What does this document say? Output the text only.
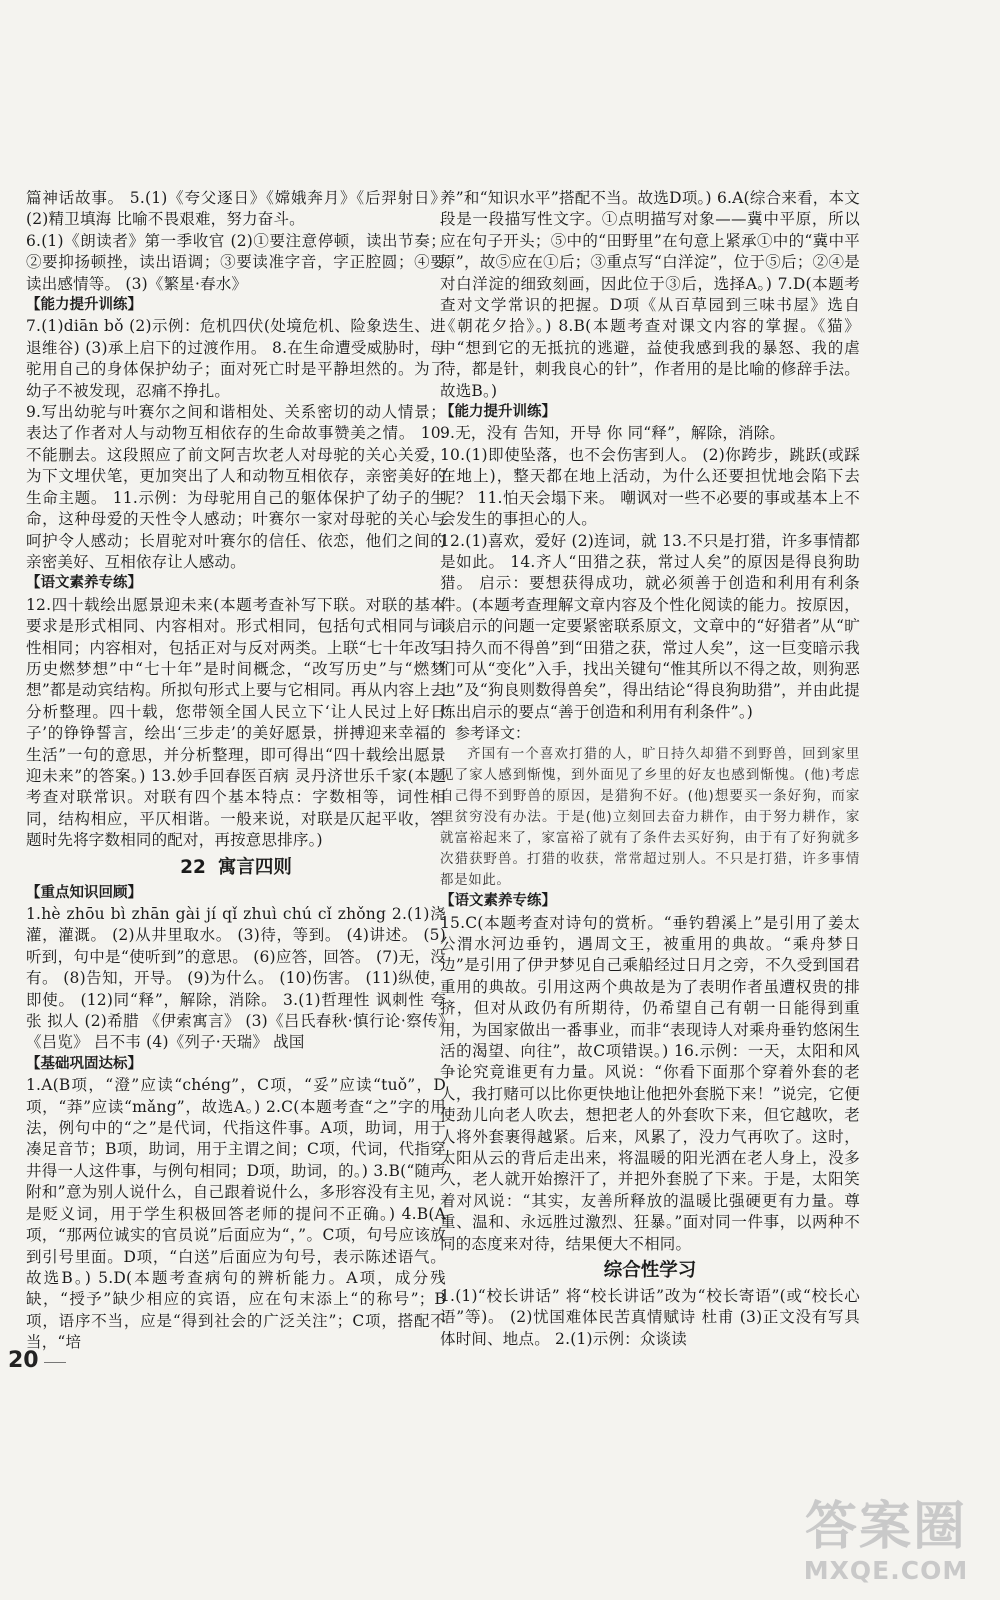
篇神话故事。 5.(1)《夸父逐日》《嫦娥奔月》《后羿射日》 (2)精卫填海 比喻不畏艰难，努力奋斗。

6.(1)《朗读者》第一季收官 (2)①要注意停顿，读出节奏；②要抑扬顿挫，读出语调；③要读准字音，字正腔圆；④要读出感情等。 (3)《繁星·春水》

【能力提升训练】

7.(1)diān bǒ (2)示例：危机四伏(处境危机、险象迭生、进退维谷) (3)承上启下的过渡作用。 8.在生命遭受威胁时，母驼用自己的身体保护幼子；面对死亡时是平静坦然的。为了幼子不被发现，忍痛不挣扎。

9.写出幼驼与叶赛尔之间和谐相处、关系密切的动人情景；表达了作者对人与动物互相依存的生命故事赞美之情。 10.不能删去。这段照应了前文阿吉坎老人对母驼的关心关爱，为下文埋伏笔，更加突出了人和动物互相依存，亲密美好的生命主题。 11.示例：为母驼用自己的躯体保护了幼子的生命，这种母爱的天性令人感动；叶赛尔一家对母驼的关心与呵护令人感动；长眉驼对叶赛尔的信任、依恋，他们之间的亲密美好、互相依存让人感动。

【语文素养专练】

12.四十载绘出愿景迎未来(本题考查补写下联。对联的基本要求是形式相同、内容相对。形式相同，包括句式相同与词性相同；内容相对，包括正对与反对两类。上联“七十年改写历史燃梦想”中“七十年”是时间概念，“改写历史”与“燃梦想”都是动宾结构。所拟句形式上要与它相同。再从内容上去分析整理。四十载，您带领全国人民立下‘让人民过上好日子’的铮铮誓言，绘出‘三步走’的美好愿景，拼搏迎来幸福的生活”一句的意思，并分析整理，即可得出“四十载绘出愿景迎未来”的答案。) 13.妙手回春医百病 灵丹济世乐千家(本题考查对联常识。对联有四个基本特点：字数相等，词性相同，结构相应，平仄相谐。一般来说，对联是仄起平收，答题时先将字数相同的配对，再按意思排序。)

22 寓言四则
【重点知识回顾】

1.hè zhōu bì zhān gài jí qǐ zhuì chú cǐ zhǒng 2.(1)浇灌，灌溉。 (2)从井里取水。 (3)待，等到。 (4)讲述。 (5)听到，句中是“使听到”的意思。 (6)应答，回答。 (7)无，没有。 (8)告知，开导。 (9)为什么。 (10)伤害。 (11)纵使，即使。 (12)同“释”，解除，消除。 3.(1)哲理性 讽刺性 夸张 拟人 (2)希腊 《伊索寓言》 (3)《吕氏春秋·慎行论·察传》《吕览》 吕不韦 (4)《列子·天瑞》 战国

【基础巩固达标】

1.A(B项，“澄”应读“chéng”，C项，“妥”应读“tuǒ”，D项，“莽”应读“mǎng”，故选A。) 2.C(本题考查“之”字的用法，例句中的“之”是代词，代指这件事。A项，助词，用于凑足音节；B项，助词，用于主谓之间；C项，代词，代指穿井得一人这件事，与例句相同；D项，助词，的。) 3.B(“随声附和”意为别人说什么，自己跟着说什么，多形容没有主见，是贬义词，用于学生积极回答老师的提问不正确。) 4.B(A项，“那两位诚实的官员说”后面应为“，”。C项，句号应该放到引号里面。D项，“白送”后面应为句号，表示陈述语气。故选B。) 5.D(本题考查病句的辨析能力。A项，成分残缺，“授予”缺少相应的宾语，应在句末添上“的称号”；B项，语序不当，应是“得到社会的广泛关注”；C项，搭配不当，“培

养”和“知识水平”搭配不当。故选D项。) 6.A(综合来看，本文段是一段描写性文字。①点明描写对象——冀中平原，所以应在句子开头；⑤中的“田野里”在句意上紧承①中的“冀中平原”，故⑤应在①后；③重点写“白洋淀”，位于⑤后；②④是对白洋淀的细致刻画，因此位于③后，选择A。) 7.D(本题考查对文学常识的把握。D项《从百草园到三味书屋》选自《朝花夕拾》。) 8.B(本题考查对课文内容的掌握。《猫》中“想到它的无抵抗的逃避，益使我感到我的暴怒、我的虐待，都是针，刺我良心的针”，作者用的是比喻的修辞手法。故选B。)

【能力提升训练】

9.无，没有 告知，开导 你 同“释”，解除，消除。

10.(1)即使坠落，也不会伤害到人。 (2)你跨步，跳跃(或踩在地上)，整天都在地上活动，为什么还要担忧地会陷下去呢？ 11.怕天会塌下来。 嘲讽对一些不必要的事或基本上不会发生的事担心的人。

12.(1)喜欢，爱好 (2)连词，就 13.不只是打猎，许多事情都是如此。 14.齐人“田猎之获，常过人矣”的原因是得良狗助猎。 启示：要想获得成功，就必须善于创造和利用有利条件。(本题考查理解文章内容及个性化阅读的能力。按原因，谈启示的问题一定要紧密联系原文，文章中的“好猎者”从“旷日持久而不得兽”到“田猎之获，常过人矣”，这一巨变暗示我们可从“变化”入手，找出关键句“惟其所以不得之故，则狗恶也”及“狗良则数得兽矣”，得出结论“得良狗助猎”，并由此提炼出启示的要点“善于创造和利用有利条件”。)

参考译文：
齐国有一个喜欢打猎的人，旷日持久却猎不到野兽，回到家里见了家人感到惭愧，到外面见了乡里的好友也感到惭愧。(他)考虑自己得不到野兽的原因，是猎狗不好。(他)想要买一条好狗，而家里贫穷没有办法。于是(他)立刻回去奋力耕作，由于努力耕作，家就富裕起来了，家富裕了就有了条件去买好狗，由于有了好狗就多次猎获野兽。打猎的收获，常常超过别人。不只是打猎，许多事情都是如此。
【语文素养专练】

15.C(本题考查对诗句的赏析。“垂钓碧溪上”是引用了姜太公渭水河边垂钓，遇周文王，被重用的典故。“乘舟梦日边”是引用了伊尹梦见自己乘船经过日月之旁，不久受到国君重用的典故。引用这两个典故是为了表明作者虽遭权贵的排挤，但对从政仍有所期待，仍希望自己有朝一日能得到重用，为国家做出一番事业，而非“表现诗人对乘舟垂钓悠闲生活的渴望、向往”，故C项错误。) 16.示例：一天，太阳和风争论究竟谁更有力量。风说：“你看下面那个穿着外套的老人，我打赌可以比你更快地让他把外套脱下来！”说完，它便使劲儿向老人吹去，想把老人的外套吹下来，但它越吹，老人将外套裹得越紧。后来，风累了，没力气再吹了。这时，太阳从云的背后走出来，将温暖的阳光洒在老人身上，没多久，老人就开始擦汗了，并把外套脱了下来。于是，太阳笑着对风说：“其实，友善所释放的温暖比强硬更有力量。尊重、温和、永远胜过激烈、狂暴。”面对同一件事，以两种不同的态度来对待，结果便大不相同。

综合性学习

1.(1)“校长讲话” 将“校长讲话”改为“校长寄语”(或“校长心语”等)。 (2)忧国难体民苦真情赋诗 杜甫 (3)正文没有写具体时间、地点。 2.(1)示例：众谈读

20
答案圈
MXQE.COM
